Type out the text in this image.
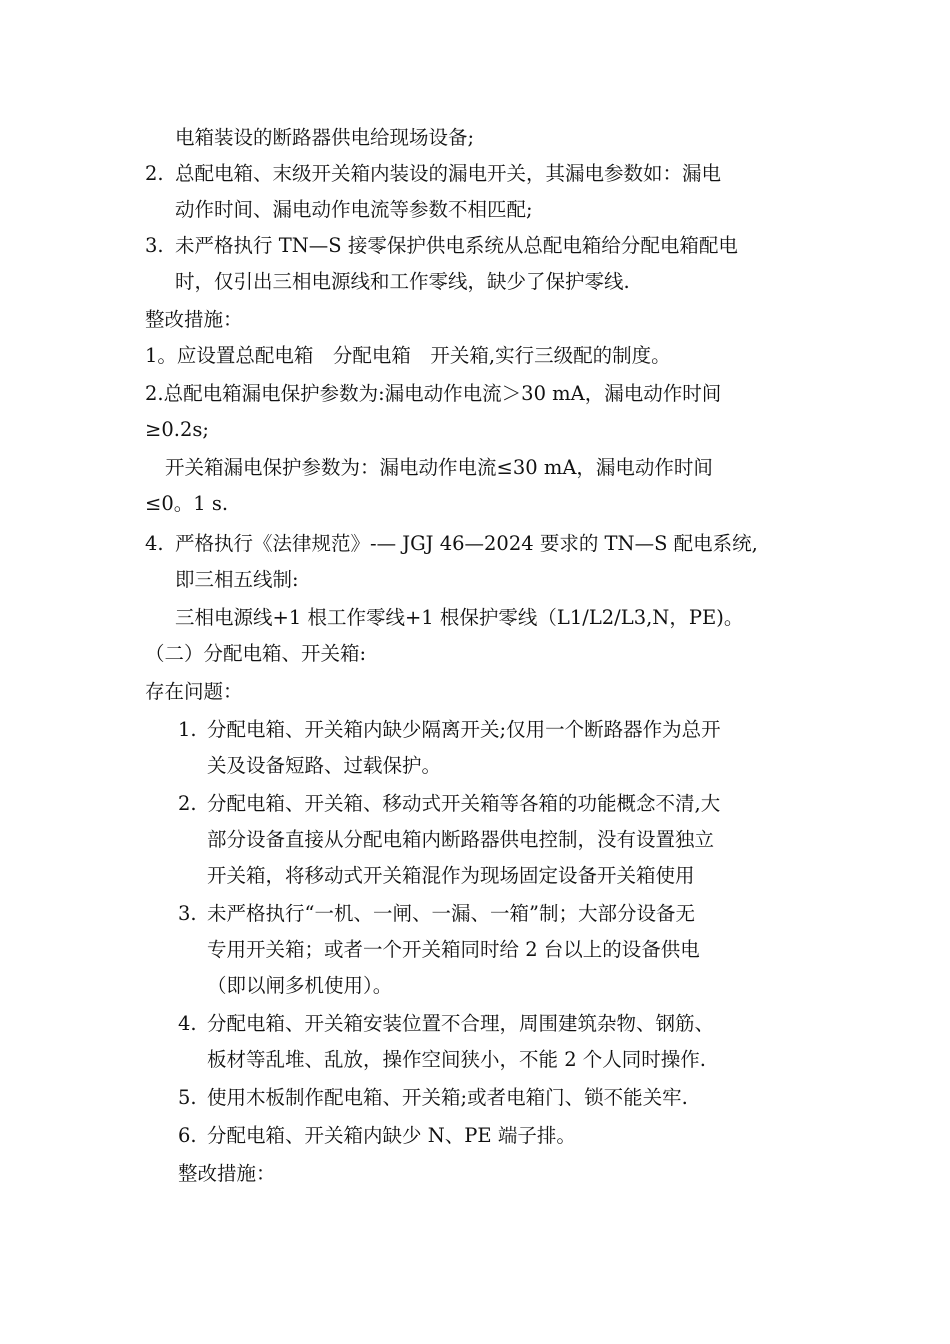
电箱装设的断路器供电给现场设备;
2. 总配电箱、末级开关箱内装设的漏电开关，其漏电参数如：漏电
动作时间、漏电动作电流等参数不相匹配;
3. 未严格执行 TN—S 接零保护供电系统从总配电箱给分配电箱配电
时，仅引出三相电源线和工作零线，缺少了保护零线.
整改措施：
1。应设置总配电箱　分配电箱　开关箱,实行三级配的制度。
2.总配电箱漏电保护参数为:漏电动作电流＞30 mA，漏电动作时间
≥0.2s;
开关箱漏电保护参数为：漏电动作电流≤30 mA，漏电动作时间
≤0。1 s.
4. 严格执行《法律规范》-— JGJ 46—2024 要求的 TN—S 配电系统,
即三相五线制:
三相电源线+1 根工作零线+1 根保护零线（L1/L2/L3,N，PE)。
（二）分配电箱、开关箱:
存在问题：
1. 分配电箱、开关箱内缺少隔离开关;仅用一个断路器作为总开
关及设备短路、过载保护。
2. 分配电箱、开关箱、移动式开关箱等各箱的功能概念不清,大
部分设备直接从分配电箱内断路器供电控制，没有设置独立
开关箱，将移动式开关箱混作为现场固定设备开关箱使用
3. 未严格执行“一机、一闸、一漏、一箱”制；大部分设备无
专用开关箱；或者一个开关箱同时给 2 台以上的设备供电
（即以闸多机使用）。
4. 分配电箱、开关箱安装位置不合理，周围建筑杂物、钢筋、
板材等乱堆、乱放，操作空间狭小，不能 2 个人同时操作.
5. 使用木板制作配电箱、开关箱;或者电箱门、锁不能关牢.
6. 分配电箱、开关箱内缺少 N、PE 端子排。
整改措施：
